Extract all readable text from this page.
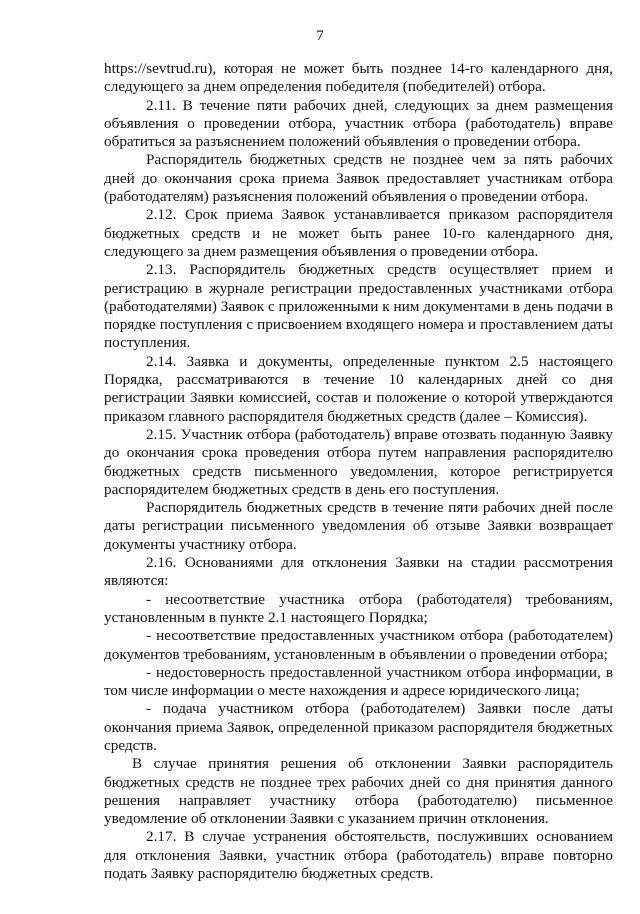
7

https://sevtrud.ru), которая не может быть позднее 14-го календарного дня, следующего за днем определения победителя (победителей) отбора.

2.11. В течение пяти рабочих дней, следующих за днем размещения объявления о проведении отбора, участник отбора (работодатель) вправе обратиться за разъяснением положений объявления о проведении отбора.

Распорядитель бюджетных средств не позднее чем за пять рабочих дней до окончания срока приема Заявок предоставляет участникам отбора (работодателям) разъяснения положений объявления о проведении отбора.

2.12. Срок приема Заявок устанавливается приказом распорядителя бюджетных средств и не может быть ранее 10-го календарного дня, следующего за днем размещения объявления о проведении отбора.

2.13. Распорядитель бюджетных средств осуществляет прием и регистрацию в журнале регистрации предоставленных участниками отбора (работодателями) Заявок с приложенными к ним документами в день подачи в порядке поступления с присвоением входящего номера и проставлением даты поступления.

2.14. Заявка и документы, определенные пунктом 2.5 настоящего Порядка, рассматриваются в течение 10 календарных дней со дня регистрации Заявки комиссией, состав и положение о которой утверждаются приказом главного распорядителя бюджетных средств (далее – Комиссия).

2.15. Участник отбора (работодатель) вправе отозвать поданную Заявку до окончания срока проведения отбора путем направления распорядителю бюджетных средств письменного уведомления, которое регистрируется распорядителем бюджетных средств в день его поступления.

Распорядитель бюджетных средств в течение пяти рабочих дней после даты регистрации письменного уведомления об отзыве Заявки возвращает документы участнику отбора.

2.16. Основаниями для отклонения Заявки на стадии рассмотрения являются:

- несоответствие участника отбора (работодателя) требованиям, установленным в пункте 2.1 настоящего Порядка;

- несоответствие предоставленных участником отбора (работодателем) документов требованиям, установленным в объявлении о проведении отбора;

- недостоверность предоставленной участником отбора информации, в том числе информации о месте нахождения и адресе юридического лица;

- подача участником отбора (работодателем) Заявки после даты окончания приема Заявок, определенной приказом распорядителя бюджетных средств.

В случае принятия решения об отклонении Заявки распорядитель бюджетных средств не позднее трех рабочих дней со дня принятия данного решения направляет участнику отбора (работодателю) письменное уведомление об отклонении Заявки с указанием причин отклонения.

2.17. В случае устранения обстоятельств, послуживших основанием для отклонения Заявки, участник отбора (работодатель) вправе повторно подать Заявку распорядителю бюджетных средств.
